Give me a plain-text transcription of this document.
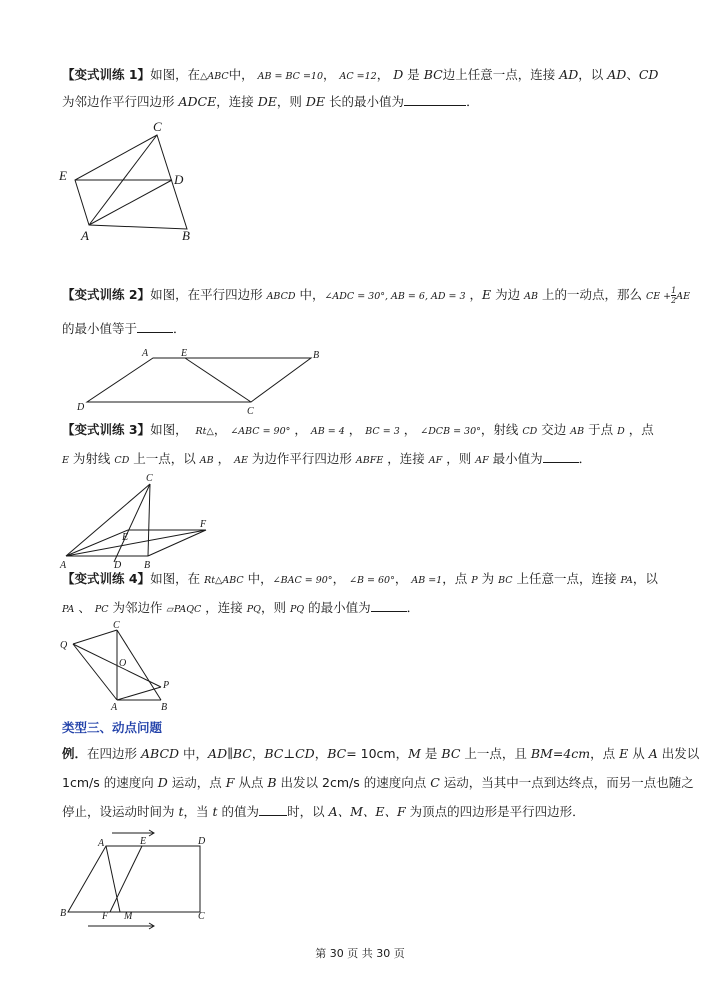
【变式训练 1】如图，在△ABC中， AB = BC =10， AC =12， D 是 BC边上任意一点，连接 AD，以 AD、CD
为邻边作平行四边形 ADCE，连接 DE，则 DE 长的最小值为	．
C
E	D
A	B
【变式训练 2】如图，在平行四边形 ABCD 中，∠ADC = 30°, AB = 6, AD = 3 ，E 为边 AB 上的一动点，那么 CE + $\frac{1}{2}AE$
的最小值等于	．
A	E	B
D	C
【变式训练 3】如图， Rt△， ∠ABC = 90° ， AB = 4 ， BC = 3 ， ∠DCB = 30°，射线 CD 交边 AB 于点 D ，点
E 为射线 CD 上一点，以 AB ， AE 为边作平行四边形 ABFE ，连接 AF ，则 AF 最小值为	．
C
F
E
A	D B
【变式训练 4】如图，在 Rt△ABC 中，∠BAC = 90°， ∠B = 60°， AB =1，点 P 为 BC 上任意一点，连接 PA，以
PA 、 PC 为邻边作 ▱PAQC ，连接 PQ，则 PQ 的最小值为	．
Q
C
O
P
A	B
类型三、动点问题
例．在四边形 ABCD 中，AD∥BC，BC⊥CD，BC= 10cm，M 是 BC 上一点，且 BM=4cm，点 E 从 A 出发以
1cm/s 的速度向 D 运动，点 F 从点 B 出发以 2cm/s 的速度向点 C 运动，当其中一点到达终点，而另一点也随之
停止，设运动时间为 t，当 t 的值为 时，以 A、M、E、F 为顶点的四边形是平行四边形．
A	E	D
B	F M	C
第 30 页 共 30 页
